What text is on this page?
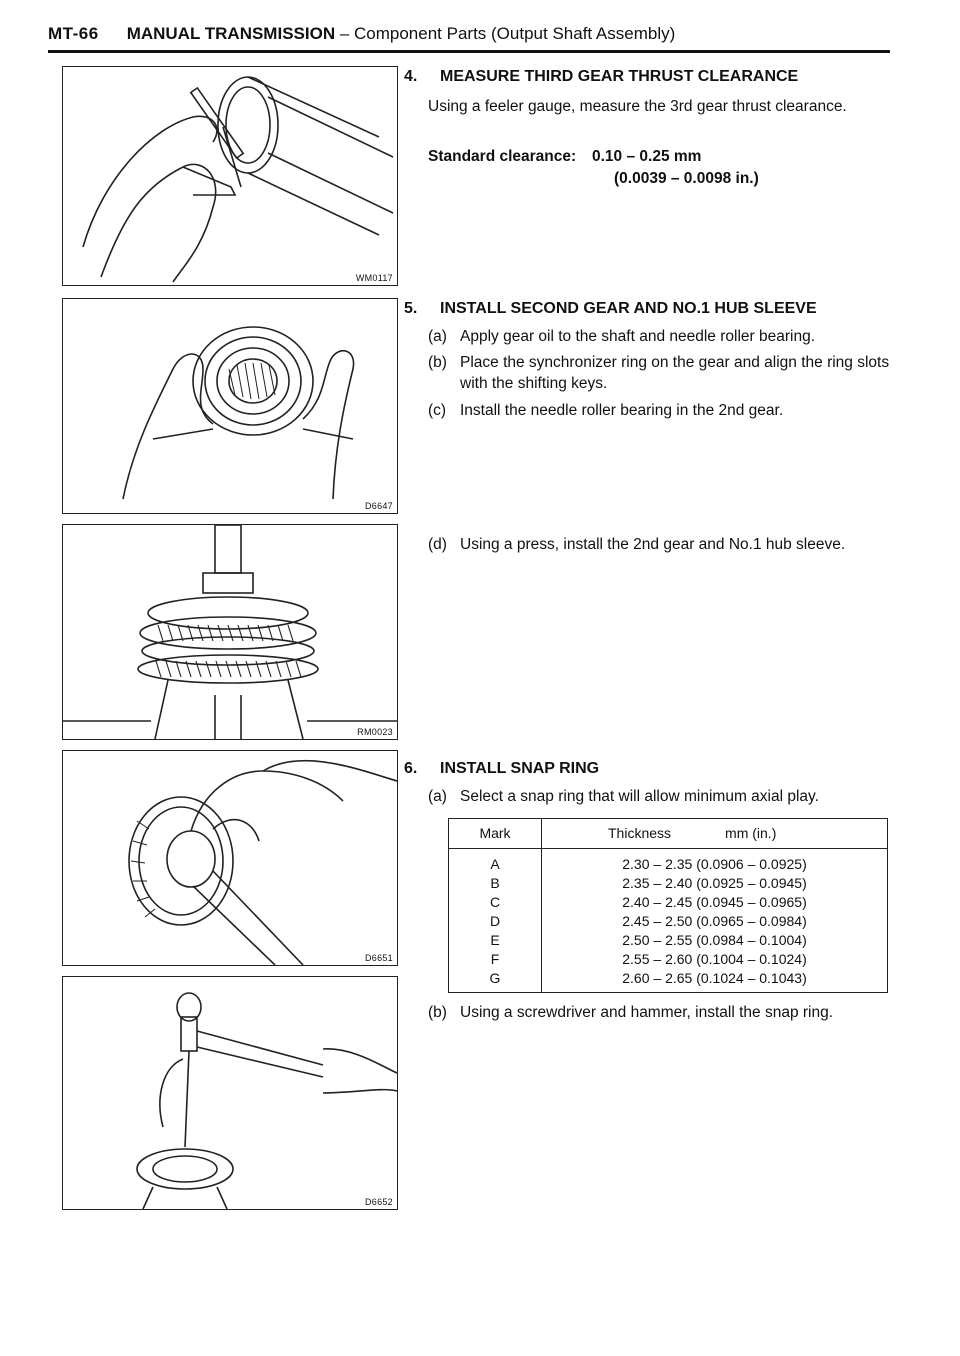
MT-66 MANUAL TRANSMISSION – Component Parts (Output Shaft Assembly)
WM0117
D6647
RM0023
D6651
D6652
4. MEASURE THIRD GEAR THRUST CLEARANCE
Using a feeler gauge, measure the 3rd gear thrust clearance.
Standard clearance: 0.10 – 0.25 mm
(0.0039 – 0.0098 in.)
5. INSTALL SECOND GEAR AND NO.1 HUB SLEEVE
(a) Apply gear oil to the shaft and needle roller bearing.
(b) Place the synchronizer ring on the gear and align the ring slots with the shifting keys.
(c) Install the needle roller bearing in the 2nd gear.
(d) Using a press, install the 2nd gear and No.1 hub sleeve.
6. INSTALL SNAP RING
(a) Select a snap ring that will allow minimum axial play.
Mark	Thickness mm (in.)
A	2.30 – 2.35 (0.0906 – 0.0925)
B	2.35 – 2.40 (0.0925 – 0.0945)
C	2.40 – 2.45 (0.0945 – 0.0965)
D	2.45 – 2.50 (0.0965 – 0.0984)
E	2.50 – 2.55 (0.0984 – 0.1004)
F	2.55 – 2.60 (0.1004 – 0.1024)
G	2.60 – 2.65 (0.1024 – 0.1043)
(b) Using a screwdriver and hammer, install the snap ring.
